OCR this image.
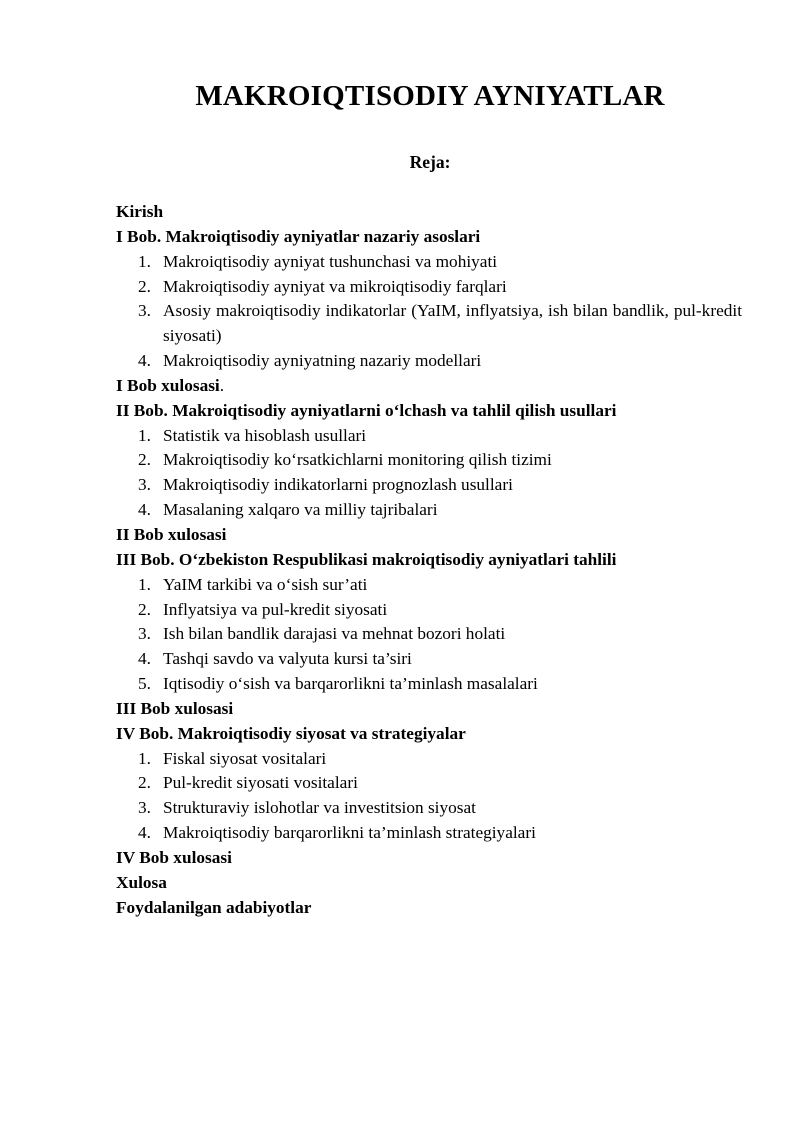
MAKROIQTISODIY AYNIYATLAR
Reja:
Kirish
I Bob. Makroiqtisodiy ayniyatlar nazariy asoslari
1. Makroiqtisodiy ayniyat tushunchasi va mohiyati
2. Makroiqtisodiy ayniyat va mikroiqtisodiy farqlari
3. Asosiy makroiqtisodiy indikatorlar (YaIM, inflyatsiya, ish bilan bandlik, pul-kredit siyosati)
4. Makroiqtisodiy ayniyatning nazariy modellari
I Bob xulosasi.
II Bob. Makroiqtisodiy ayniyatlarni o‘lchash va tahlil qilish usullari
1. Statistik va hisoblash usullari
2. Makroiqtisodiy ko‘rsatkichlarni monitoring qilish tizimi
3. Makroiqtisodiy indikatorlarni prognozlash usullari
4. Masalaning xalqaro va milliy tajribalari
II Bob xulosasi
III Bob. O‘zbekiston Respublikasi makroiqtisodiy ayniyatlari tahlili
1. YaIM tarkibi va o‘sish sur’ati
2. Inflyatsiya va pul-kredit siyosati
3. Ish bilan bandlik darajasi va mehnat bozori holati
4. Tashqi savdo va valyuta kursi ta’siri
5. Iqtisodiy o‘sish va barqarorlikni ta’minlash masalalari
III Bob xulosasi
IV Bob. Makroiqtisodiy siyosat va strategiyalar
1. Fiskal siyosat vositalari
2. Pul-kredit siyosati vositalari
3. Strukturaviy islohotlar va investitsion siyosat
4. Makroiqtisodiy barqarorlikni ta’minlash strategiyalari
IV Bob xulosasi
Xulosa
Foydalanilgan adabiyotlar
